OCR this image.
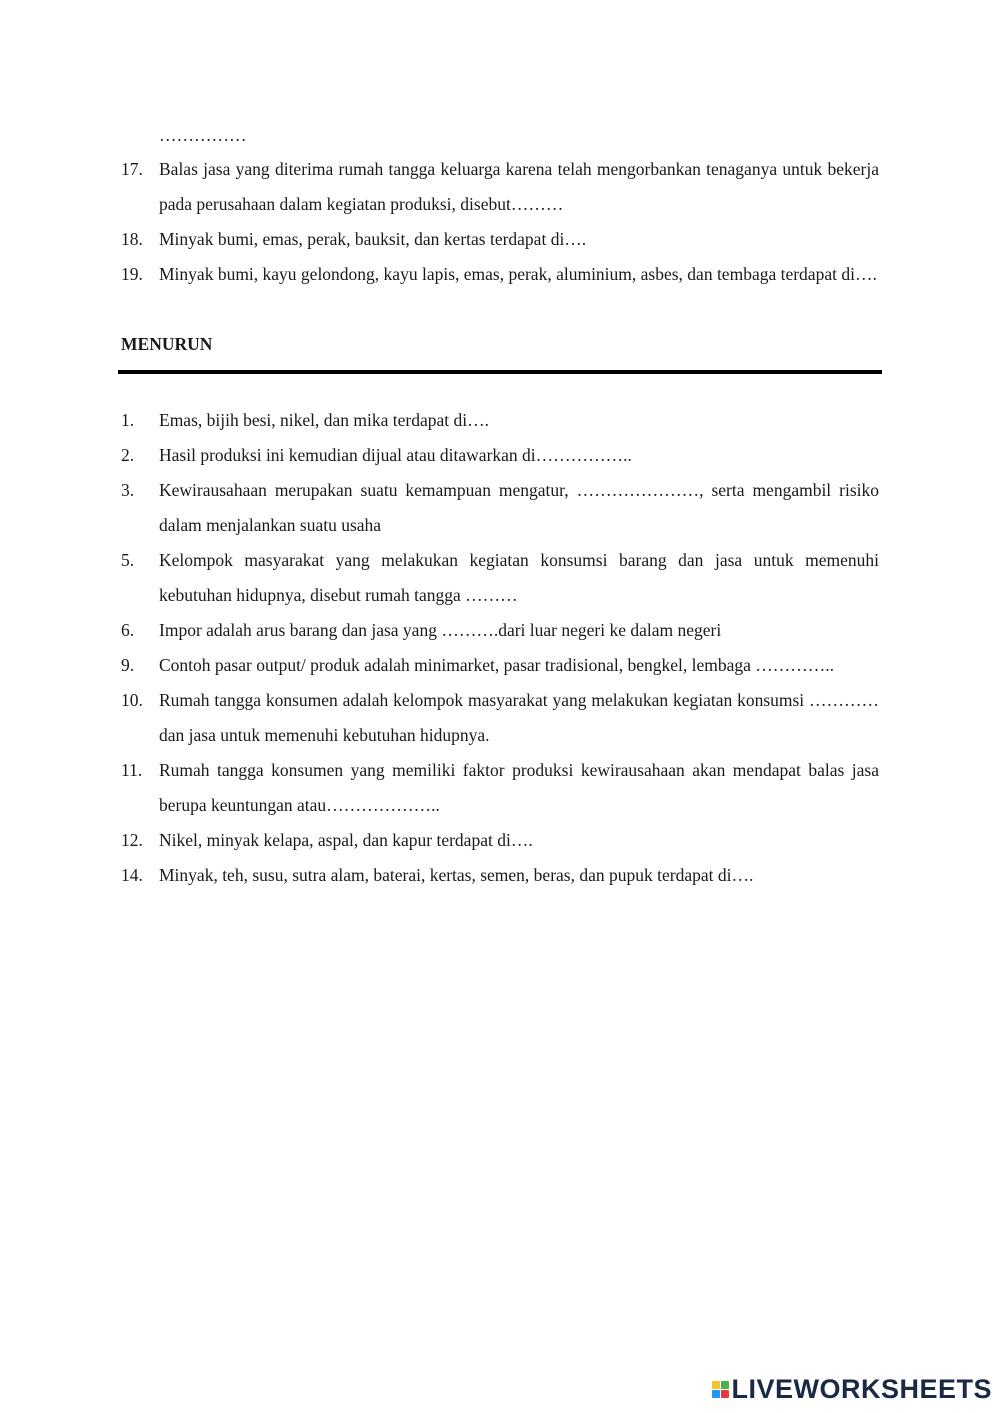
……………
17. Balas jasa yang diterima rumah tangga keluarga karena telah mengorbankan tenaganya untuk bekerja pada perusahaan dalam kegiatan produksi, disebut………
18. Minyak bumi, emas, perak, bauksit, dan kertas terdapat di….
19. Minyak bumi, kayu gelondong, kayu lapis, emas, perak, aluminium, asbes, dan tembaga terdapat di….
MENURUN
1.	Emas, bijih besi, nikel, dan mika terdapat di….
2.	Hasil produksi ini kemudian dijual atau ditawarkan di……………..
3.	Kewirausahaan merupakan suatu kemampuan mengatur, …………………, serta mengambil risiko dalam menjalankan suatu usaha
5.	Kelompok masyarakat yang melakukan kegiatan konsumsi barang dan jasa untuk memenuhi kebutuhan hidupnya, disebut rumah tangga ………
6.	Impor adalah arus barang dan jasa yang ……….dari luar negeri ke dalam negeri
9.	Contoh pasar output/ produk adalah minimarket, pasar tradisional, bengkel, lembaga …………..
10. Rumah tangga konsumen adalah kelompok masyarakat yang melakukan kegiatan konsumsi …………dan jasa untuk memenuhi kebutuhan hidupnya.
11. Rumah tangga konsumen yang memiliki faktor produksi kewirausahaan akan mendapat balas jasa berupa keuntungan atau………………..
12. Nikel, minyak kelapa, aspal, dan kapur terdapat di….
14. Minyak, teh, susu, sutra alam, baterai, kertas, semen, beras, dan pupuk terdapat di….
LIVEWORKSHEETS
